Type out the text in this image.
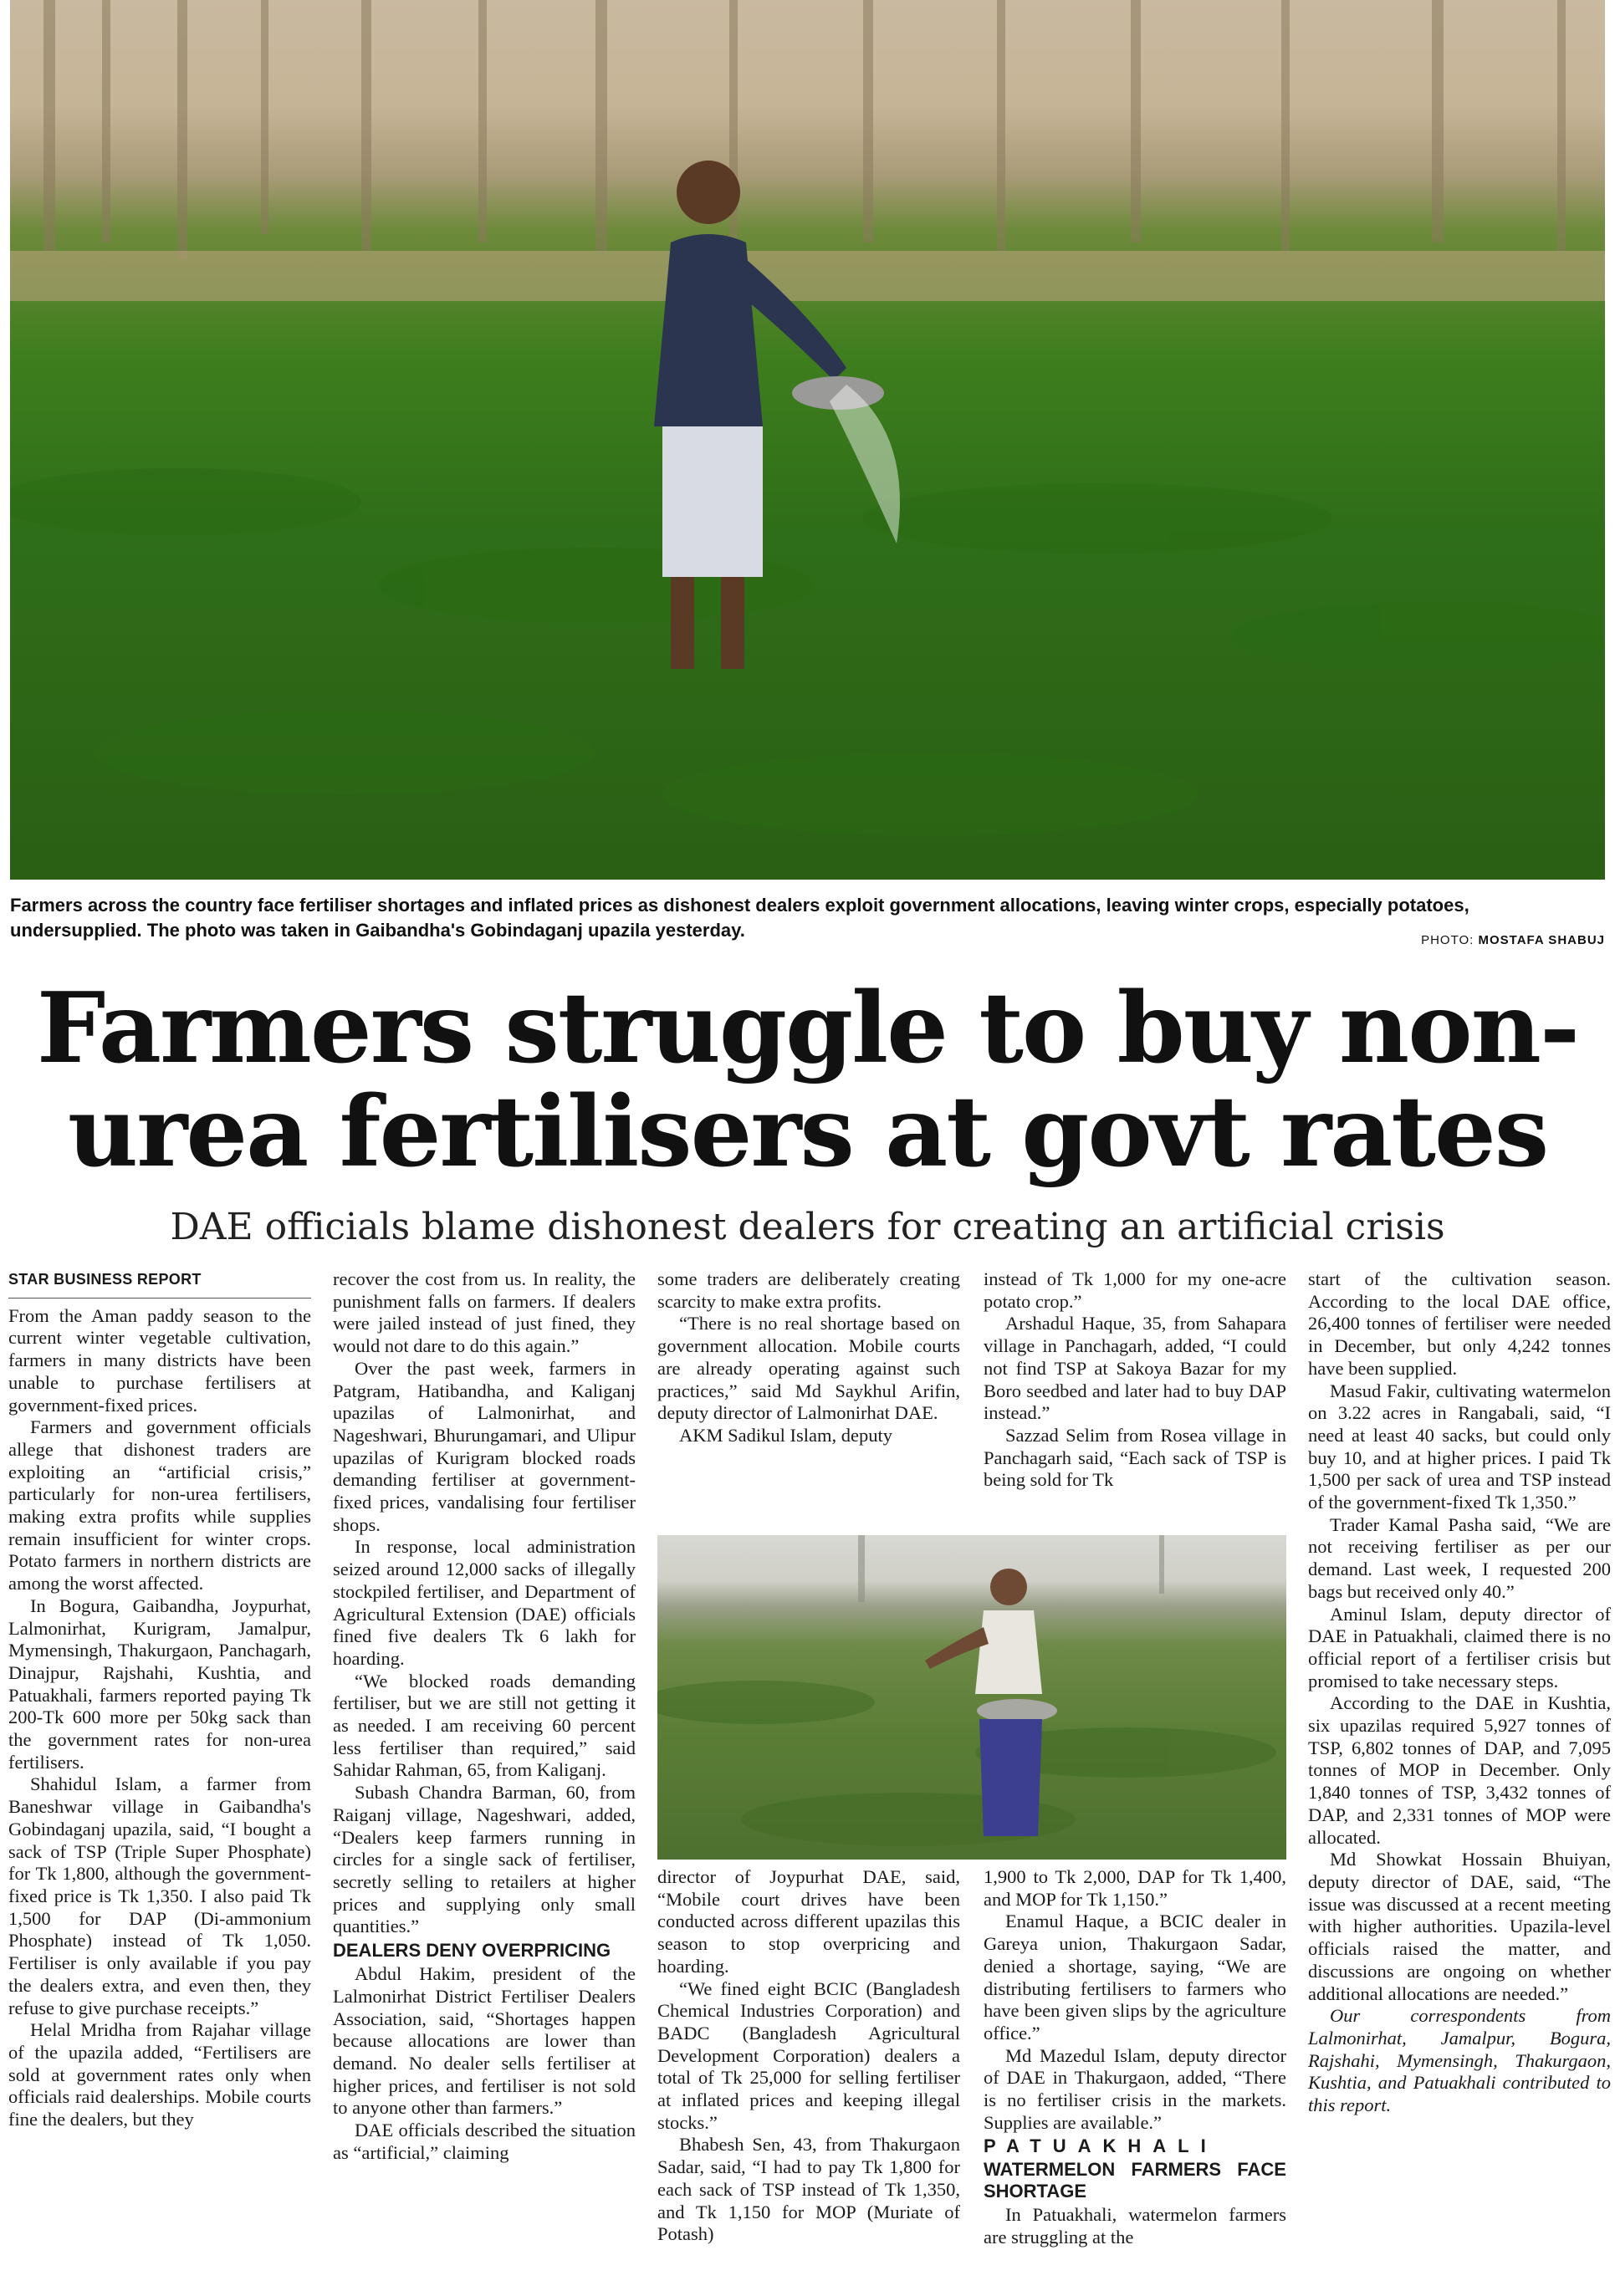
Farmers across the country face fertiliser shortages and inflated prices as dishonest dealers exploit government allocations, leaving winter crops, especially potatoes, undersupplied. The photo was taken in Gaibandha's Gobindaganj upazila yesterday.	PHOTO: MOSTAFA SHABUJ
Farmers struggle to buy non-urea fertilisers at govt rates
DAE officials blame dishonest dealers for creating an artificial crisis
STAR BUSINESS REPORT

From the Aman paddy season to the current winter vegetable cultivation, farmers in many districts have been unable to purchase fertilisers at government-fixed prices.

Farmers and government officials allege that dishonest traders are exploiting an “artificial crisis,” particularly for non-urea fertilisers, making extra profits while supplies remain insufficient for winter crops. Potato farmers in northern districts are among the worst affected.

In Bogura, Gaibandha, Joypurhat, Lalmonirhat, Kurigram, Jamalpur, Mymensingh, Thakurgaon, Panchagarh, Dinajpur, Rajshahi, Kushtia, and Patuakhali, farmers reported paying Tk 200-Tk 600 more per 50kg sack than the government rates for non-urea fertilisers.

Shahidul Islam, a farmer from Baneshwar village in Gaibandha's Gobindaganj upazila, said, “I bought a sack of TSP (Triple Super Phosphate) for Tk 1,800, although the government-fixed price is Tk 1,350. I also paid Tk 1,500 for DAP (Di-ammonium Phosphate) instead of Tk 1,050. Fertiliser is only available if you pay the dealers extra, and even then, they refuse to give purchase receipts.”

Helal Mridha from Rajahar village of the upazila added, “Fertilisers are sold at government rates only when officials raid dealerships. Mobile courts fine the dealers, but they

recover the cost from us. In reality, the punishment falls on farmers. If dealers were jailed instead of just fined, they would not dare to do this again.”

Over the past week, farmers in Patgram, Hatibandha, and Kaliganj upazilas of Lalmonirhat, and Nageshwari, Bhurungamari, and Ulipur upazilas of Kurigram blocked roads demanding fertiliser at government-fixed prices, vandalising four fertiliser shops.

In response, local administration seized around 12,000 sacks of illegally stockpiled fertiliser, and Department of Agricultural Extension (DAE) officials fined five dealers Tk 6 lakh for hoarding.

“We blocked roads demanding fertiliser, but we are still not getting it as needed. I am receiving 60 percent less fertiliser than required,” said Sahidar Rahman, 65, from Kaliganj.

Subash Chandra Barman, 60, from Raiganj village, Nageshwari, added, “Dealers keep farmers running in circles for a single sack of fertiliser, secretly selling to retailers at higher prices and supplying only small quantities.”

DEALERS DENY OVERPRICING

Abdul Hakim, president of the Lalmonirhat District Fertiliser Dealers Association, said, “Shortages happen because allocations are lower than demand. No dealer sells fertiliser at higher prices, and fertiliser is not sold to anyone other than farmers.”

DAE officials described the situation as “artificial,” claiming

some traders are deliberately creating scarcity to make extra profits.

“There is no real shortage based on government allocation. Mobile courts are already operating against such practices,” said Md Saykhul Arifin, deputy director of Lalmonirhat DAE.

AKM Sadikul Islam, deputy

instead of Tk 1,000 for my one-acre potato crop.”

Arshadul Haque, 35, from Sahapara village in Panchagarh, added, “I could not find TSP at Sakoya Bazar for my Boro seedbed and later had to buy DAP instead.”

Sazzad Selim from Rosea village in Panchagarh said, “Each sack of TSP is being sold for Tk

director of Joypurhat DAE, said, “Mobile court drives have been conducted across different upazilas this season to stop overpricing and hoarding.

“We fined eight BCIC (Bangladesh Chemical Industries Corporation) and BADC (Bangladesh Agricultural Development Corporation) dealers a total of Tk 25,000 for selling fertiliser at inflated prices and keeping illegal stocks.”

Bhabesh Sen, 43, from Thakurgaon Sadar, said, “I had to pay Tk 1,800 for each sack of TSP instead of Tk 1,350, and Tk 1,150 for MOP (Muriate of Potash)

1,900 to Tk 2,000, DAP for Tk 1,400, and MOP for Tk 1,150.”

Enamul Haque, a BCIC dealer in Gareya union, Thakurgaon Sadar, denied a shortage, saying, “We are distributing fertilisers to farmers who have been given slips by the agriculture office.”

Md Mazedul Islam, deputy director of DAE in Thakurgaon, added, “There is no fertiliser crisis in the markets. Supplies are available.”

PATUAKHALI
WATERMELON FARMERS FACE SHORTAGE

In Patuakhali, watermelon farmers are struggling at the

start of the cultivation season. According to the local DAE office, 26,400 tonnes of fertiliser were needed in December, but only 4,242 tonnes have been supplied.

Masud Fakir, cultivating watermelon on 3.22 acres in Rangabali, said, “I need at least 40 sacks, but could only buy 10, and at higher prices. I paid Tk 1,500 per sack of urea and TSP instead of the government-fixed Tk 1,350.”

Trader Kamal Pasha said, “We are not receiving fertiliser as per our demand. Last week, I requested 200 bags but received only 40.”

Aminul Islam, deputy director of DAE in Patuakhali, claimed there is no official report of a fertiliser crisis but promised to take necessary steps.

According to the DAE in Kushtia, six upazilas required 5,927 tonnes of TSP, 6,802 tonnes of DAP, and 7,095 tonnes of MOP in December. Only 1,840 tonnes of TSP, 3,432 tonnes of DAP, and 2,331 tonnes of MOP were allocated.

Md Showkat Hossain Bhuiyan, deputy director of DAE, said, “The issue was discussed at a recent meeting with higher authorities. Upazila-level officials raised the matter, and discussions are ongoing on whether additional allocations are needed.”

Our correspondents from Lalmonirhat, Jamalpur, Bogura, Rajshahi, Mymensingh, Thakurgaon, Kushtia, and Patuakhali contributed to this report.
